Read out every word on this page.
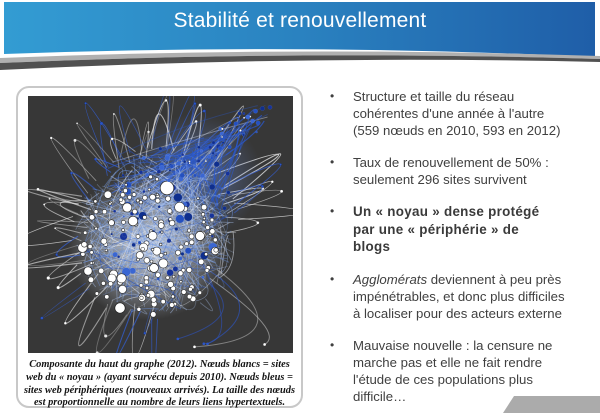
Stabilité et renouvellement
Composante du haut du graphe (2012). Nœuds blancs = sites
web du « noyau » (ayant survécu depuis 2010). Nœuds bleus =
sites web périphériques (nouveaux arrivés). La taille des nœuds
est proportionnelle au nombre de leurs liens hypertextuels.
•	Structure et taille du réseau
cohérentes d'une année à l'autre
(559 nœuds en 2010, 593 en 2012)
•	Taux de renouvellement de 50% :
seulement 296 sites survivent
•	Un « noyau » dense protégé
par une « périphérie » de
blogs
•	Agglomérats deviennent à peu près
impénétrables, et donc plus difficiles
à localiser pour des acteurs externe
•	Mauvaise nouvelle : la censure ne
marche pas et elle ne fait rendre
l'étude de ces populations plus
difficile…
